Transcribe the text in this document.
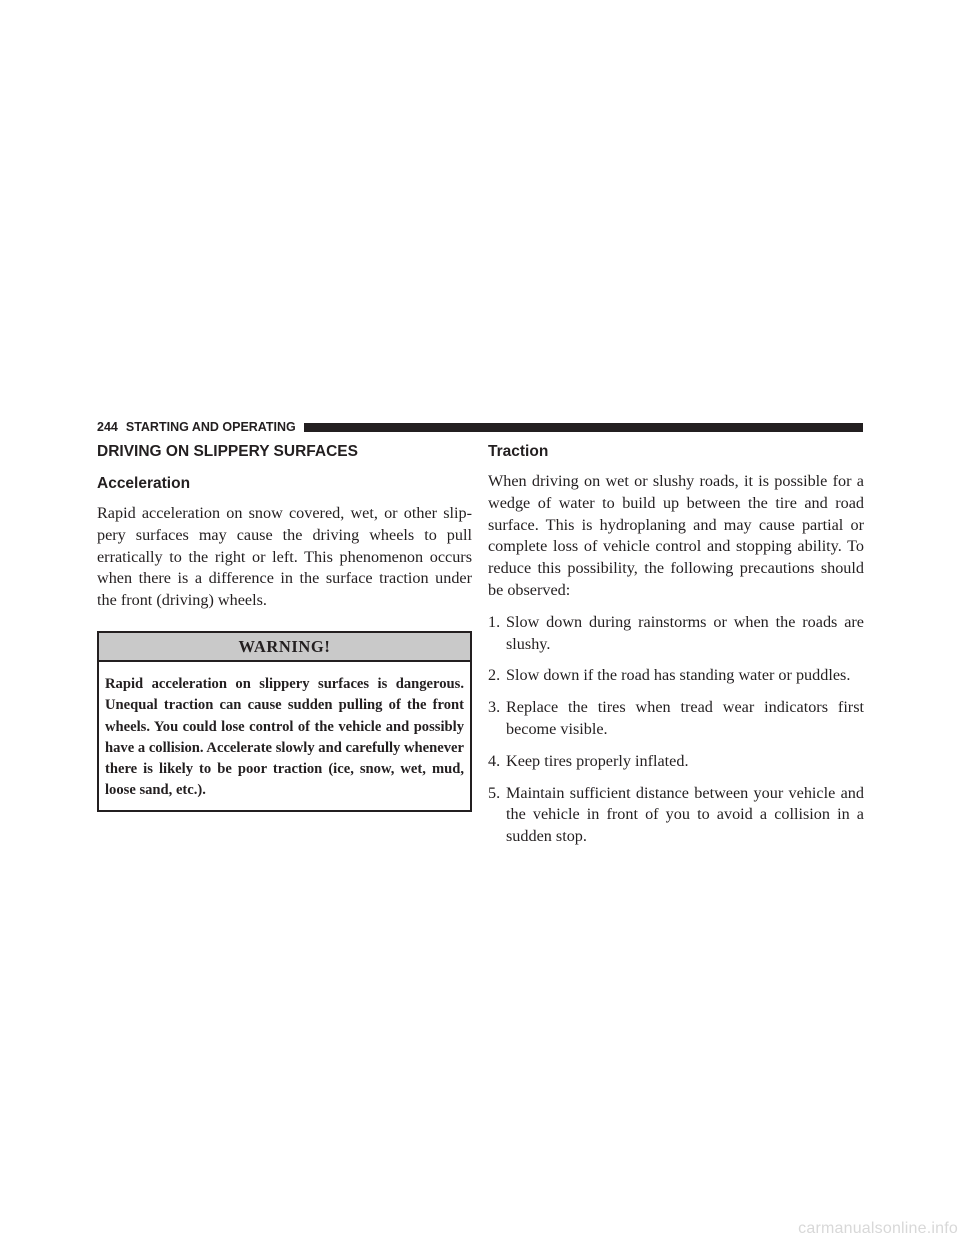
244 STARTING AND OPERATING
DRIVING ON SLIPPERY SURFACES
Acceleration

Rapid acceleration on snow covered, wet, or other slip-pery surfaces may cause the driving wheels to pull erratically to the right or left. This phenomenon occurs when there is a difference in the surface traction under the front (driving) wheels.

WARNING!
Rapid acceleration on slippery surfaces is dangerous. Unequal traction can cause sudden pulling of the front wheels. You could lose control of the vehicle and possibly have a collision. Accelerate slowly and carefully whenever there is likely to be poor traction (ice, snow, wet, mud, loose sand, etc.).
Traction

When driving on wet or slushy roads, it is possible for a wedge of water to build up between the tire and road surface. This is hydroplaning and may cause partial or complete loss of vehicle control and stopping ability. To reduce this possibility, the following precautions should be observed:

1. Slow down during rainstorms or when the roads are slushy.
2. Slow down if the road has standing water or puddles.
3. Replace the tires when tread wear indicators first become visible.
4. Keep tires properly inflated.
5. Maintain sufficient distance between your vehicle and the vehicle in front of you to avoid a collision in a sudden stop.
carmanualsonline.info
